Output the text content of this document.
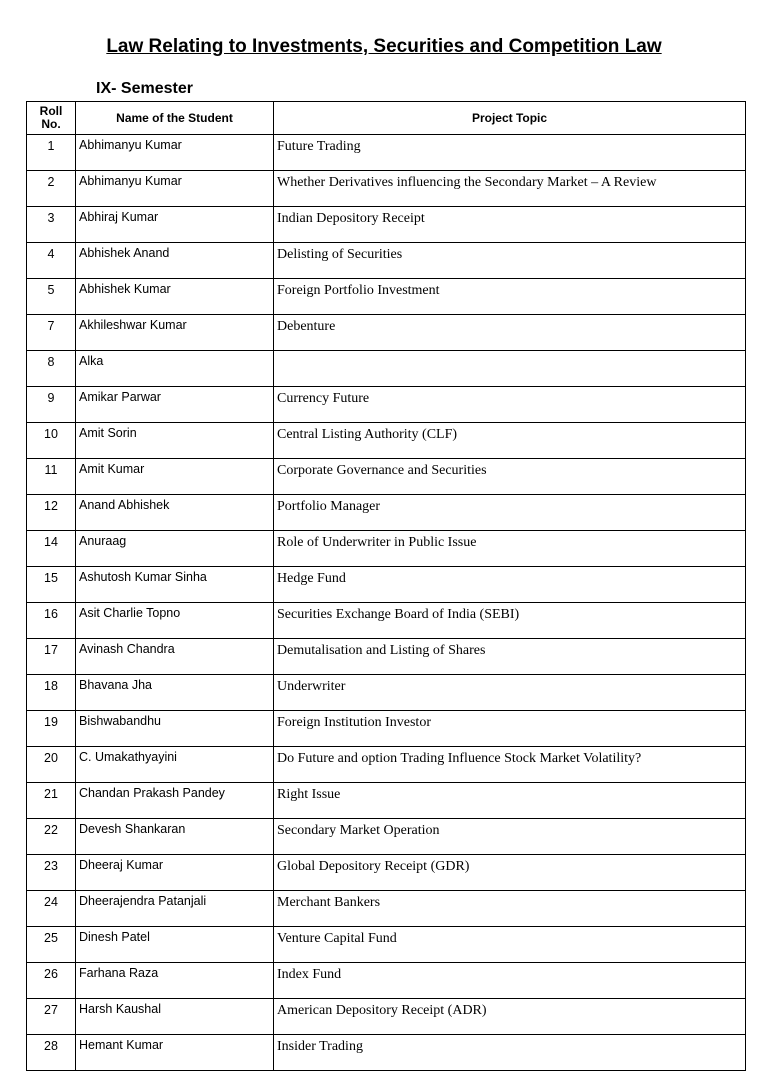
Law Relating to Investments, Securities and Competition Law
IX- Semester
Roll
No.	Name of the Student	Project Topic
1	Abhimanyu Kumar	Future Trading
2	Abhimanyu Kumar	Whether Derivatives influencing the Secondary Market – A Review
3	Abhiraj Kumar	Indian Depository Receipt
4	Abhishek Anand	Delisting of Securities
5	Abhishek Kumar	Foreign Portfolio Investment
7	Akhileshwar Kumar	Debenture
8	Alka	
9	Amikar Parwar	Currency Future
10	Amit Sorin	Central Listing Authority (CLF)
11	Amit Kumar	Corporate Governance and Securities
12	Anand Abhishek	Portfolio Manager
14	Anuraag	Role of Underwriter in Public Issue
15	Ashutosh Kumar Sinha	Hedge Fund
16	Asit Charlie Topno	Securities Exchange Board of India (SEBI)
17	Avinash Chandra	Demutalisation and Listing of Shares
18	Bhavana Jha	Underwriter
19	Bishwabandhu	Foreign Institution Investor
20	C. Umakathyayini	Do Future and option Trading Influence Stock Market Volatility?
21	Chandan Prakash Pandey	Right Issue
22	Devesh Shankaran	Secondary Market Operation
23	Dheeraj Kumar	Global Depository Receipt (GDR)
24	Dheerajendra Patanjali	Merchant Bankers
25	Dinesh Patel	Venture Capital Fund
26	Farhana Raza	Index Fund
27	Harsh Kaushal	American Depository Receipt (ADR)
28	Hemant Kumar	Insider Trading
